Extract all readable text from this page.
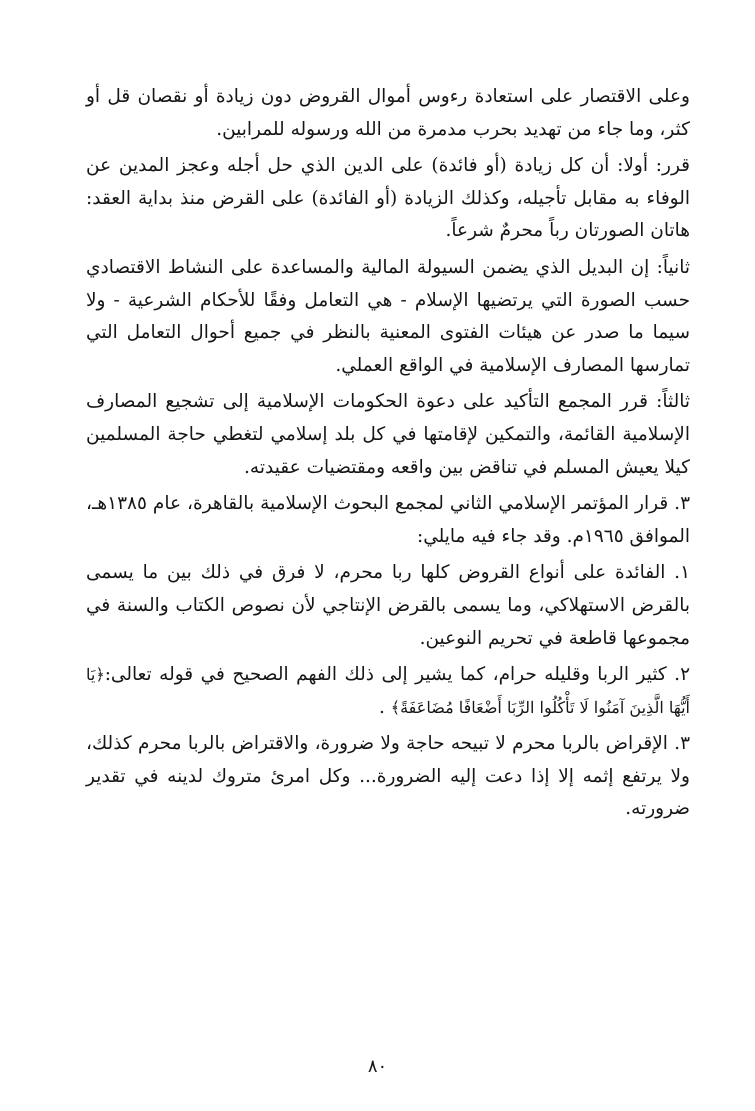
وعلى الاقتصار على استعادة رءوس أموال القروض دون زيادة أو نقصان قل أو كثر، وما جاء من تهديد بحرب مدمرة من الله ورسوله للمرابين.

قرر: أولا: أن كل زيادة (أو فائدة) على الدين الذي حل أجله وعجز المدين عن الوفاء به مقابل تأجيله، وكذلك الزيادة (أو الفائدة) على القرض منذ بداية العقد: هاتان الصورتان رباً محرمٌ شرعاً.

ثانياً: إن البديل الذي يضمن السيولة المالية والمساعدة على النشاط الاقتصادي حسب الصورة التي يرتضيها الإسلام - هي التعامل وفقًا للأحكام الشرعية - ولا سيما ما صدر عن هيئات الفتوى المعنية بالنظر في جميع أحوال التعامل التي تمارسها المصارف الإسلامية في الواقع العملي.

ثالثاً: قرر المجمع التأكيد على دعوة الحكومات الإسلامية إلى تشجيع المصارف الإسلامية القائمة، والتمكين لإقامتها في كل بلد إسلامي لتغطي حاجة المسلمين كيلا يعيش المسلم في تناقض بين واقعه ومقتضيات عقيدته.

٣. قرار المؤتمر الإسلامي الثاني لمجمع البحوث الإسلامية بالقاهرة، عام ١٣٨٥هـ، الموافق ١٩٦٥م. وقد جاء فيه مايلي:

١. الفائدة على أنواع القروض كلها ربا محرم، لا فرق في ذلك بين ما يسمى بالقرض الاستهلاكي، وما يسمى بالقرض الإنتاجي لأن نصوص الكتاب والسنة في مجموعها قاطعة في تحريم النوعين.

٢. كثير الربا وقليله حرام، كما يشير إلى ذلك الفهم الصحيح في قوله تعالى:﴿يَا أَيُّهَا الَّذِينَ آمَنُوا لَا تَأْكُلُوا الرِّبَا أَضْعَافًا مُضَاعَفَةً﴾ .

٣. الإقراض بالربا محرم لا تبيحه حاجة ولا ضرورة، والاقتراض بالربا محرم كذلك، ولا يرتفع إثمه إلا إذا دعت إليه الضرورة... وكل امرئ متروك لدينه في تقدير ضرورته.

٨٠
